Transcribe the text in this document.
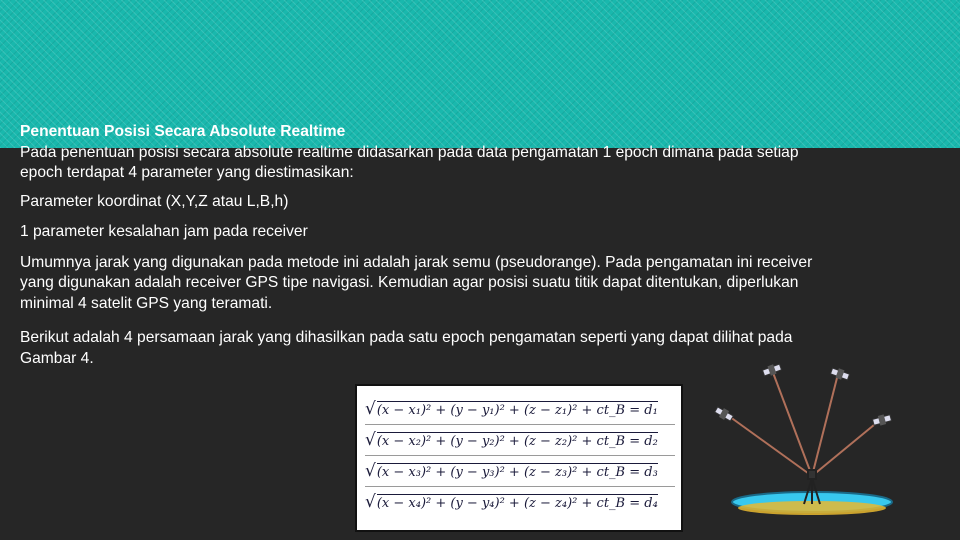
Penentuan Posisi Secara Absolute Realtime

Pada penentuan posisi secara absolute realtime didasarkan pada data pengamatan 1 epoch dimana pada setiap epoch terdapat 4 parameter yang diestimasikan:

Parameter koordinat (X,Y,Z atau L,B,h)

1 parameter kesalahan jam pada receiver

Umumnya jarak yang digunakan pada metode ini adalah jarak semu (pseudorange). Pada pengamatan ini receiver yang digunakan adalah receiver GPS tipe navigasi. Kemudian agar posisi suatu titik dapat ditentukan, diperlukan minimal 4 satelit GPS yang teramati.

Berikut adalah 4 persamaan jarak yang dihasilkan pada satu epoch pengamatan seperti yang dapat dilihat pada Gambar 4.

√ (x − x₁)² + (y − y₁)² + (z − z₁)² + ct_B = d₁
√ (x − x₂)² + (y − y₂)² + (z − z₂)² + ct_B = d₂
√ (x − x₃)² + (y − y₃)² + (z − z₃)² + ct_B = d₃
√ (x − x₄)² + (y − y₄)² + (z − z₄)² + ct_B = d₄
